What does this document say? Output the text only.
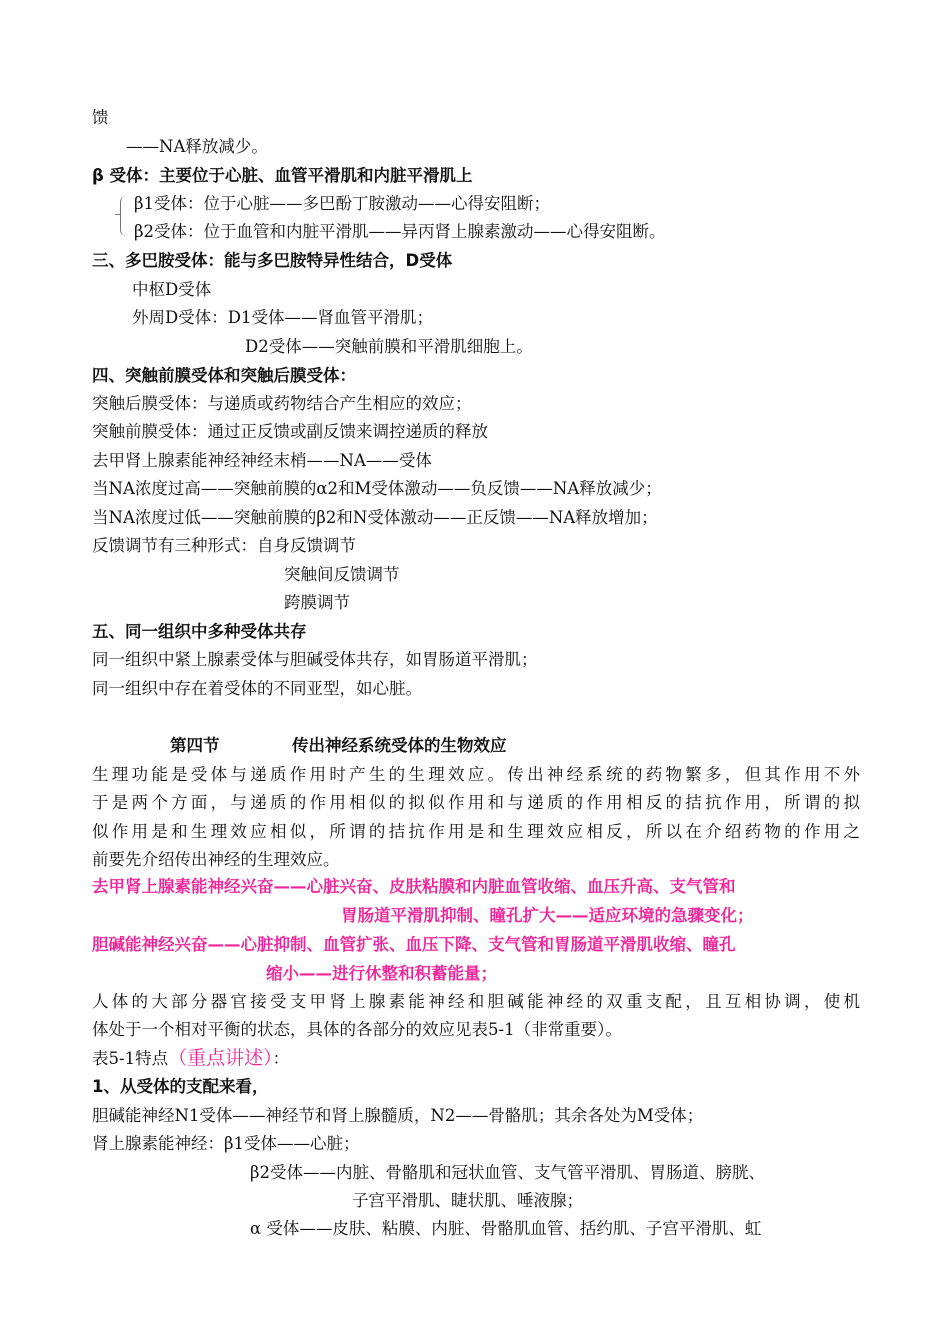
馈
——NA释放减少。
β 受体：主要位于心脏、血管平滑肌和内脏平滑肌上
β1受体：位于心脏——多巴酚丁胺激动——心得安阻断；
β2受体：位于血管和内脏平滑肌——异丙肾上腺素激动——心得安阻断。
三、多巴胺受体：能与多巴胺特异性结合，D受体
中枢D受体
外周D受体：D1受体——肾血管平滑肌；
D2受体——突触前膜和平滑肌细胞上。
四、突触前膜受体和突触后膜受体：
突触后膜受体：与递质或药物结合产生相应的效应；
突触前膜受体：通过正反馈或副反馈来调控递质的释放
去甲肾上腺素能神经神经末梢——NA——受体
当NA浓度过高——突触前膜的α2和M受体激动——负反馈——NA释放减少；
当NA浓度过低——突触前膜的β2和N受体激动——正反馈——NA释放增加；
反馈调节有三种形式：自身反馈调节
突触间反馈调节
跨膜调节
五、同一组织中多种受体共存
同一组织中紧上腺素受体与胆碱受体共存，如胃肠道平滑肌；
同一组织中存在着受体的不同亚型，如心脏。
第四节	传出神经系统受体的生物效应
生理功能是受体与递质作用时产生的生理效应。传出神经系统的药物繁多，但其作用不外
于是两个方面，与递质的作用相似的拟似作用和与递质的作用相反的拮抗作用，所谓的拟
似作用是和生理效应相似，所谓的拮抗作用是和生理效应相反，所以在介绍药物的作用之
前要先介绍传出神经的生理效应。
去甲肾上腺素能神经兴奋——心脏兴奋、皮肤粘膜和内脏血管收缩、血压升高、支气管和
胃肠道平滑肌抑制、瞳孔扩大——适应环境的急骤变化；
胆碱能神经兴奋——心脏抑制、血管扩张、血压下降、支气管和胃肠道平滑肌收缩、瞳孔
缩小——进行休整和积蓄能量；
人体的大部分器官接受支甲肾上腺素能神经和胆碱能神经的双重支配，且互相协调，使机
体处于一个相对平衡的状态，具体的各部分的效应见表5-1（非常重要）。
表5-1特点（重点讲述）：
1、从受体的支配来看，
胆碱能神经N1受体——神经节和肾上腺髓质，N2——骨骼肌；其余各处为M受体；
肾上腺素能神经：β1受体——心脏；
β2受体——内脏、骨骼肌和冠状血管、支气管平滑肌、胃肠道、膀胱、
子宫平滑肌、睫状肌、唾液腺；
α 受体——皮肤、粘膜、内脏、骨骼肌血管、括约肌、子宫平滑肌、虹
